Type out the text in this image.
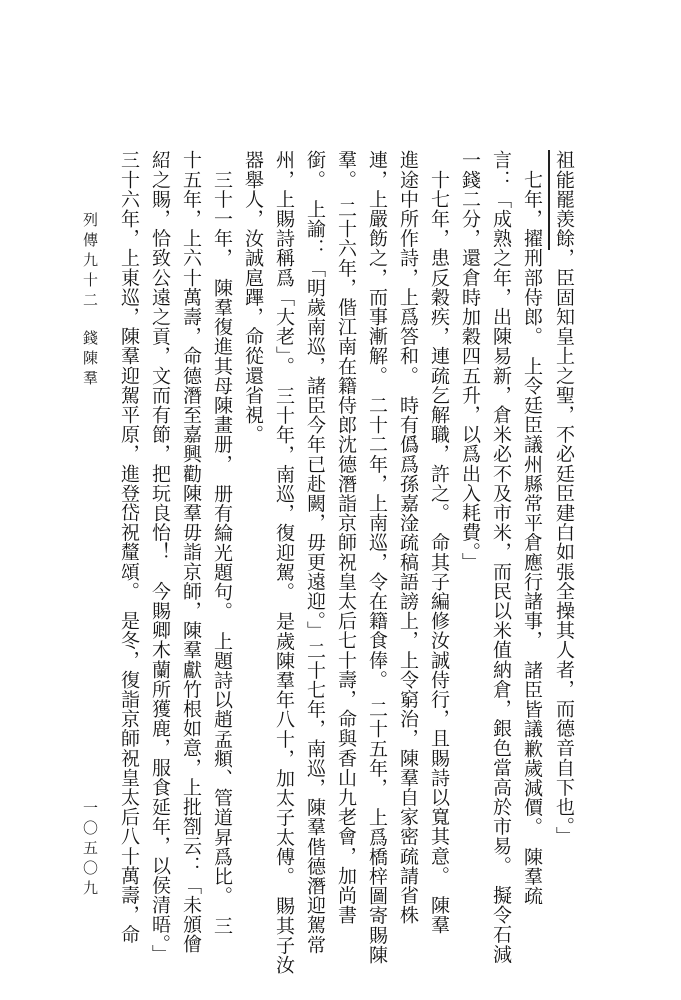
祖能罷羡餘，臣固知皇上之聖，不必廷臣建白如張全操其人者，而德音自下也。」
　七年，擢刑部侍郎。　上令廷臣議州縣常平倉應行諸事，　諸臣皆議歉歲減價。　陳羣疏
言：「成熟之年，出陳易新，倉米必不及市米，而民以米值納倉，銀色當高於市易。　擬令石減
一錢二分，還倉時加穀四五升，以爲出入耗費。」
　十七年，患反穀疾，連疏乞解職，許之。　命其子編修汝誠侍行，且賜詩以寬其意。　陳羣
進途中所作詩，上爲答和。　時有僞爲孫嘉淦疏稿語謗上，上令窮治，陳羣自家密疏請省株
連，上嚴飭之，而事漸解。　二十二年，上南巡，令在籍食俸。　二十五年，　上爲橋梓圖寄賜陳
羣。　二十六年，偕江南在籍侍郎沈德潛詣京師祝皇太后七十壽，命與香山九老會，加尚書
銜。　上諭：「明歲南巡，諸臣今年已赴闕，毋更遠迎。」二十七年，南巡，陳羣偕德潛迎駕常
州，上賜詩稱爲「大老」。　三十年，南巡，復迎駕。　是歲陳羣年八十，加太子太傅。　賜其子汝
器舉人，汝誠扈蹕，命從還省視。
　三十一年，　陳羣復進其母陳畫册，　册有綸光題句。　上題詩以趙孟頫、管道昇爲比。　三
十五年，上六十萬壽，命德潛至嘉興勸陳羣毋詣京師，陳羣獻竹根如意，上批劄云：「未頒儈
紹之賜，恰致公遠之貢，文而有節，把玩良怡！　今賜卿木蘭所獲鹿，服食延年，以侯清晤。」
三十六年，上東巡，陳羣迎駕平原，進登岱祝釐頌。　是冬，復詣京師祝皇太后八十萬壽，命
列傳九十二
錢陳羣
一〇五〇九
